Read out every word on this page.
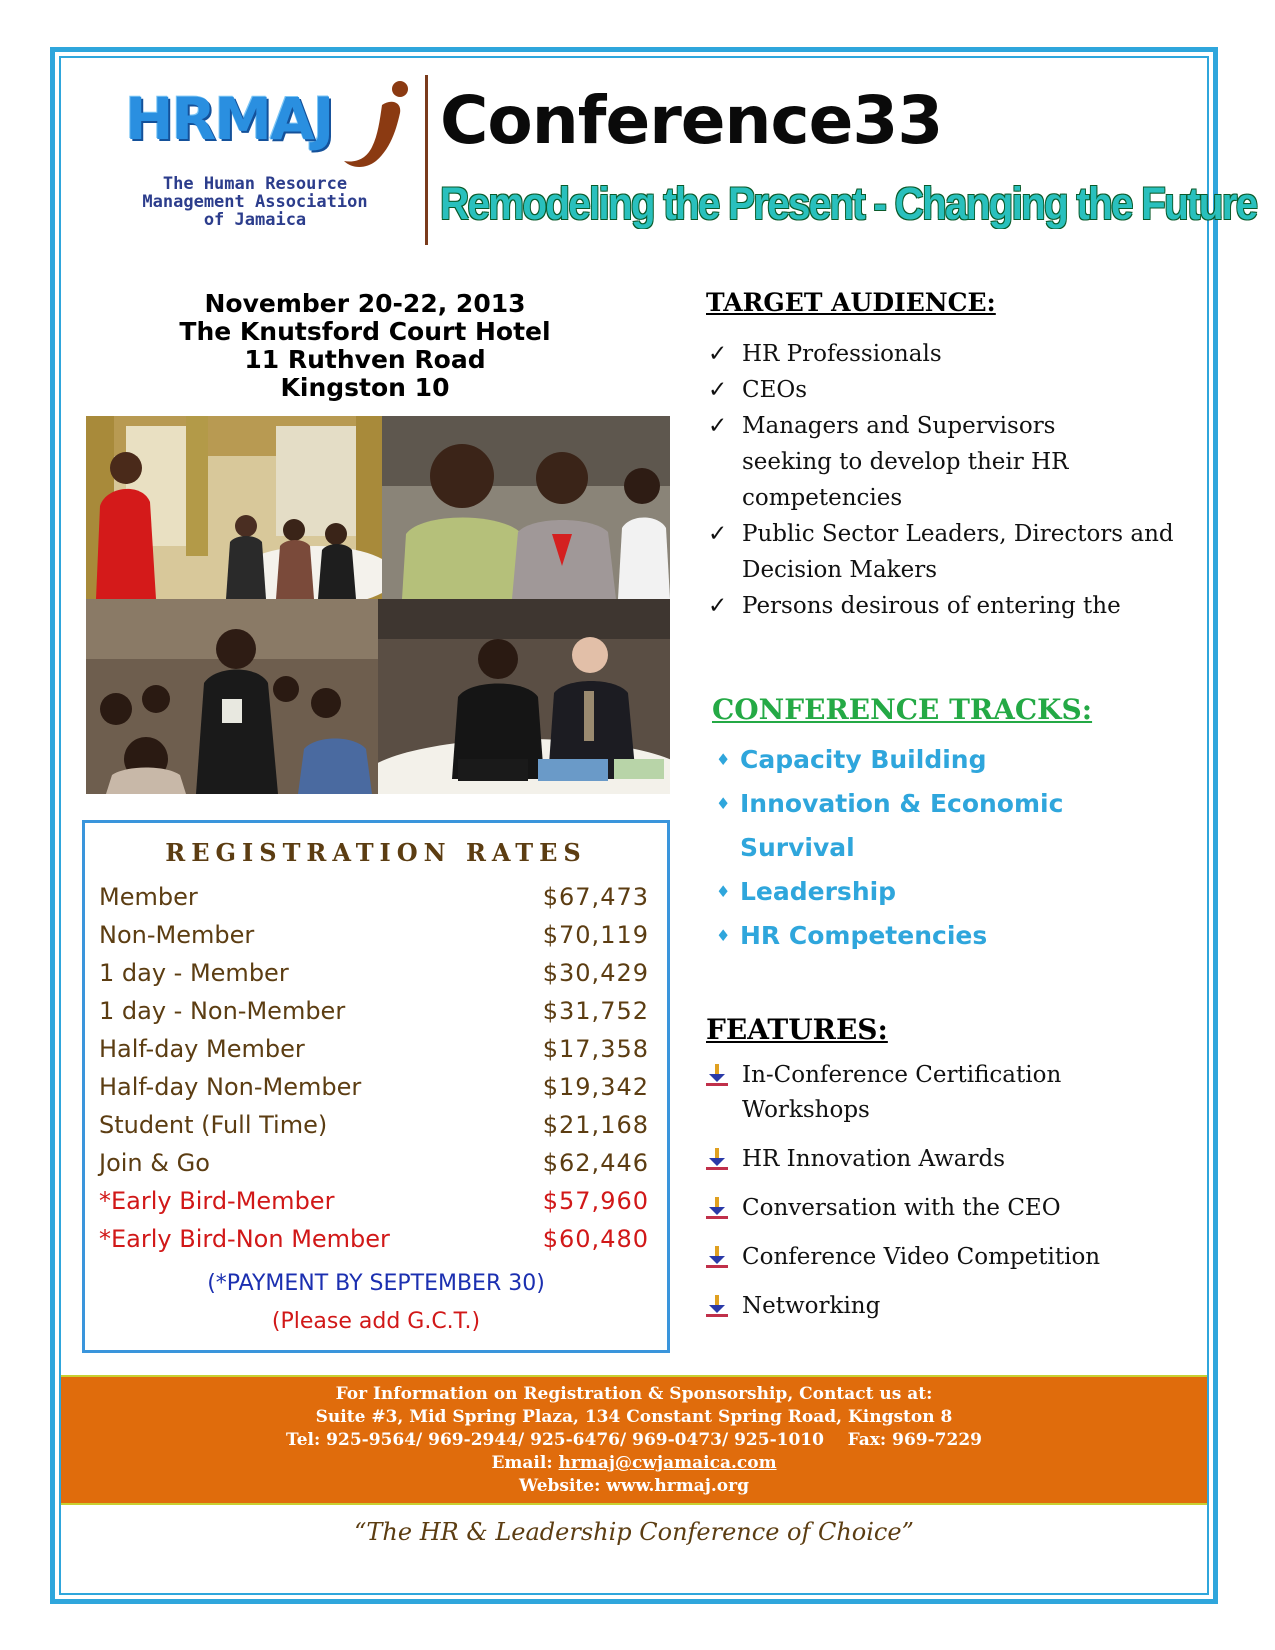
HRMAJ
The Human Resource
Management Association
of Jamaica
Conference33
Remodeling the Present - Changing the Future
November 20-22, 2013
The Knutsford Court Hotel
11 Ruthven Road
Kingston 10
REGISTRATION RATES
Member	$67,473
Non-Member	$70,119
1 day - Member	$30,429
1 day - Non-Member	$31,752
Half-day Member	$17,358
Half-day Non-Member	$19,342
Student (Full Time)	$21,168
Join & Go	$62,446
*Early Bird-Member	$57,960
*Early Bird-Non Member	$60,480
(*PAYMENT BY SEPTEMBER 30)
(Please add G.C.T.)
TARGET AUDIENCE:
✓ HR Professionals
✓ CEOs
✓ Managers and Supervisors seeking to develop their HR competencies
✓ Public Sector Leaders, Directors and Decision Makers
✓ Persons desirous of entering the
CONFERENCE TRACKS:
♦ Capacity Building
♦ Innovation & Economic Survival
♦ Leadership
♦ HR Competencies
FEATURES:
In-Conference Certification Workshops
HR Innovation Awards
Conversation with the CEO
Conference Video Competition
Networking
For Information on Registration & Sponsorship, Contact us at:
Suite #3, Mid Spring Plaza, 134 Constant Spring Road, Kingston 8
Tel: 925-9564/ 969-2944/ 925-6476/ 969-0473/ 925-1010    Fax: 969-7229
Email: hrmaj@cwjamaica.com
Website: www.hrmaj.org
“The HR & Leadership Conference of Choice”
